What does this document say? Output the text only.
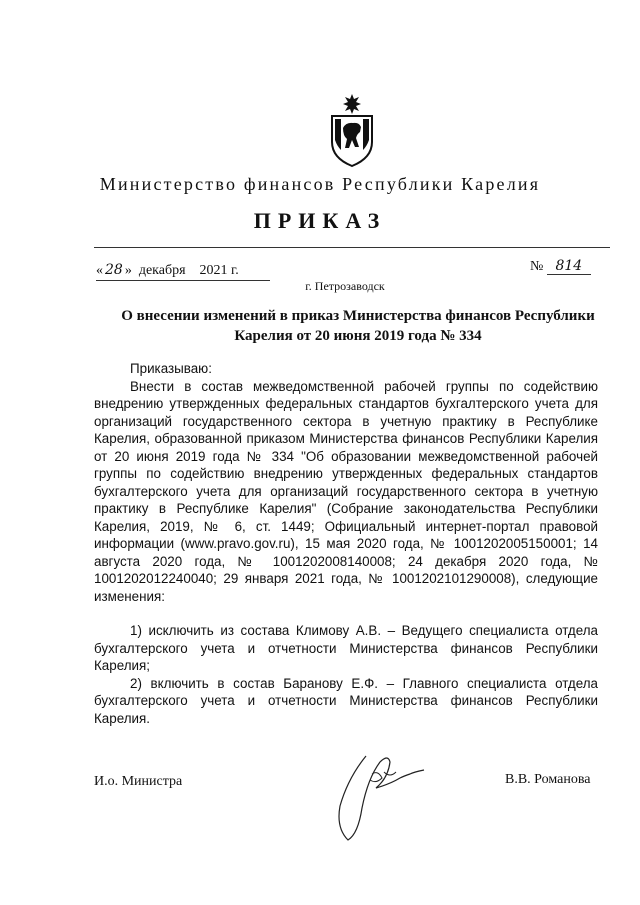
Министерство финансов Республики Карелия
ПРИКАЗ
« 28 » декабря 2021 г.	№ 814
г. Петрозаводск
О внесении изменений в приказ Министерства финансов Республики Карелия от 20 июня 2019 года № 334

Приказываю:

Внести в состав межведомственной рабочей группы по содействию внедрению утвержденных федеральных стандартов бухгалтерского учета для организаций государственного сектора в учетную практику в Республике Карелия, образованной приказом Министерства финансов Республики Карелия от 20 июня 2019 года № 334 "Об образовании межведомственной рабочей группы по содействию внедрению утвержденных федеральных стандартов бухгалтерского учета для организаций государственного сектора в учетную практику в Республике Карелия" (Собрание законодательства Республики Карелия, 2019, № 6, ст. 1449; Официальный интернет-портал правовой информации (www.pravo.gov.ru), 15 мая 2020 года, № 1001202005150001; 14 августа 2020 года, № 1001202008140008; 24 декабря 2020 года, № 1001202012240040; 29 января 2021 года, № 1001202101290008), следующие изменения:

1) исключить из состава Климову А.В. – Ведущего специалиста отдела бухгалтерского учета и отчетности Министерства финансов Республики Карелия;

2) включить в состав Баранову Е.Ф. – Главного специалиста отдела бухгалтерского учета и отчетности Министерства финансов Республики Карелия.

И.о. Министра	В.В. Романова
